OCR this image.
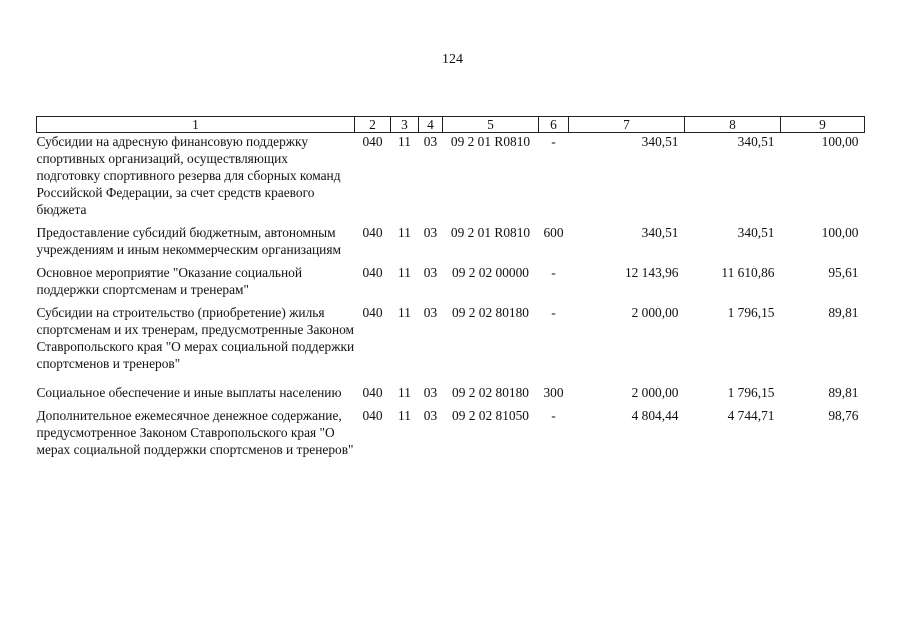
124
1	2	3	4	5	6	7	8	9
Субсидии на адресную финансовую поддержку спортивных организаций, осуществляющих подготовку спортивного резерва для сборных команд Российской Федерации, за счет средств краевого бюджета	040	11	03	09 2 01 R0810	-	340,51	340,51	100,00
Предоставление субсидий бюджетным, автономным учреждениям и иным некоммерческим организациям	040	11	03	09 2 01 R0810	600	340,51	340,51	100,00
Основное мероприятие "Оказание социальной поддержки спортсменам и тренерам"	040	11	03	09 2 02 00000	-	12 143,96	11 610,86	95,61
Субсидии на строительство (приобретение) жилья спортсменам и их тренерам, предусмотренные Законом Ставропольского края "О мерах социальной поддержки спортсменов и тренеров"	040	11	03	09 2 02 80180	-	2 000,00	1 796,15	89,81
Социальное обеспечение и иные выплаты населению	040	11	03	09 2 02 80180	300	2 000,00	1 796,15	89,81
Дополнительное ежемесячное денежное содержание, предусмотренное Законом Ставропольского края "О мерах социальной поддержки спортсменов и тренеров"	040	11	03	09 2 02 81050	-	4 804,44	4 744,71	98,76
